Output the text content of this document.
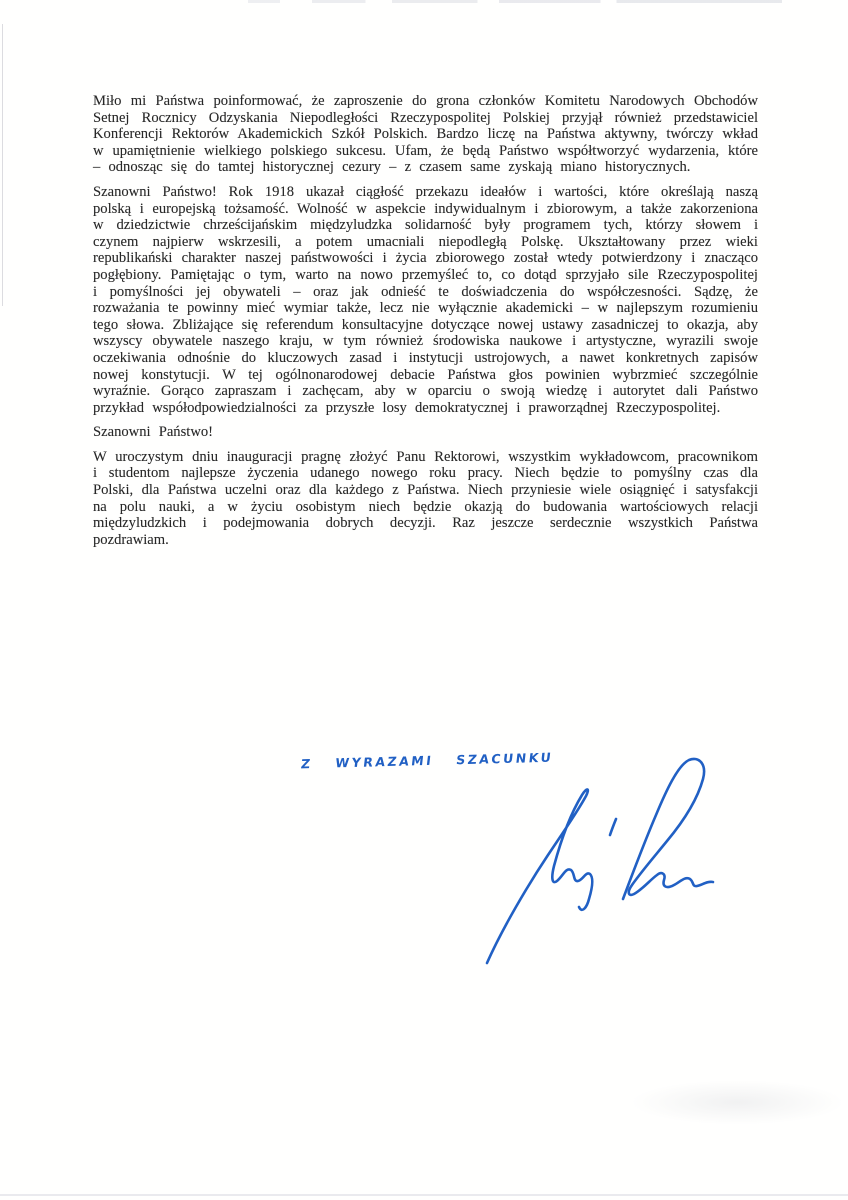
Miło mi Państwa poinformować, że zaproszenie do grona członków Komitetu Narodowych Obchodów Setnej Rocznicy Odzyskania Niepodległości Rzeczypospolitej Polskiej przyjął również przedstawiciel Konferencji Rektorów Akademickich Szkół Polskich. Bardzo liczę na Państwa aktywny, twórczy wkład w upamiętnienie wielkiego polskiego sukcesu. Ufam, że będą Państwo współtworzyć wydarzenia, które – odnosząc się do tamtej historycznej cezury – z czasem same zyskają miano historycznych.

Szanowni Państwo! Rok 1918 ukazał ciągłość przekazu ideałów i wartości, które określają naszą polską i europejską tożsamość. Wolność w aspekcie indywidualnym i zbiorowym, a także zakorzeniona w dziedzictwie chrześcijańskim międzyludzka solidarność były programem tych, którzy słowem i czynem najpierw wskrzesili, a potem umacniali niepodległą Polskę. Ukształtowany przez wieki republikański charakter naszej państwowości i życia zbiorowego został wtedy potwierdzony i znacząco pogłębiony. Pamiętając o tym, warto na nowo przemyśleć to, co dotąd sprzyjało sile Rzeczypospolitej i pomyślności jej obywateli – oraz jak odnieść te doświadczenia do współczesności. Sądzę, że rozważania te powinny mieć wymiar także, lecz nie wyłącznie akademicki – w najlepszym rozumieniu tego słowa. Zbliżające się referendum konsultacyjne dotyczące nowej ustawy zasadniczej to okazja, aby wszyscy obywatele naszego kraju, w tym również środowiska naukowe i artystyczne, wyrazili swoje oczekiwania odnośnie do kluczowych zasad i instytucji ustrojowych, a nawet konkretnych zapisów nowej konstytucji. W tej ogólnonarodowej debacie Państwa głos powinien wybrzmieć szczególnie wyraźnie. Gorąco zapraszam i zachęcam, aby w oparciu o swoją wiedzę i autorytet dali Państwo przykład współodpowiedzialności za przyszłe losy demokratycznej i praworządnej Rzeczypospolitej.

Szanowni Państwo!

W uroczystym dniu inauguracji pragnę złożyć Panu Rektorowi, wszystkim wykładowcom, pracownikom i studentom najlepsze życzenia udanego nowego roku pracy. Niech będzie to pomyślny czas dla Polski, dla Państwa uczelni oraz dla każdego z Państwa. Niech przyniesie wiele osiągnięć i satysfakcji na polu nauki, a w życiu osobistym niech będzie okazją do budowania wartościowych relacji międzyludzkich i podejmowania dobrych decyzji. Raz jeszcze serdecznie wszystkich Państwa pozdrawiam.

Z WYRAZAMI SZACUNKU
